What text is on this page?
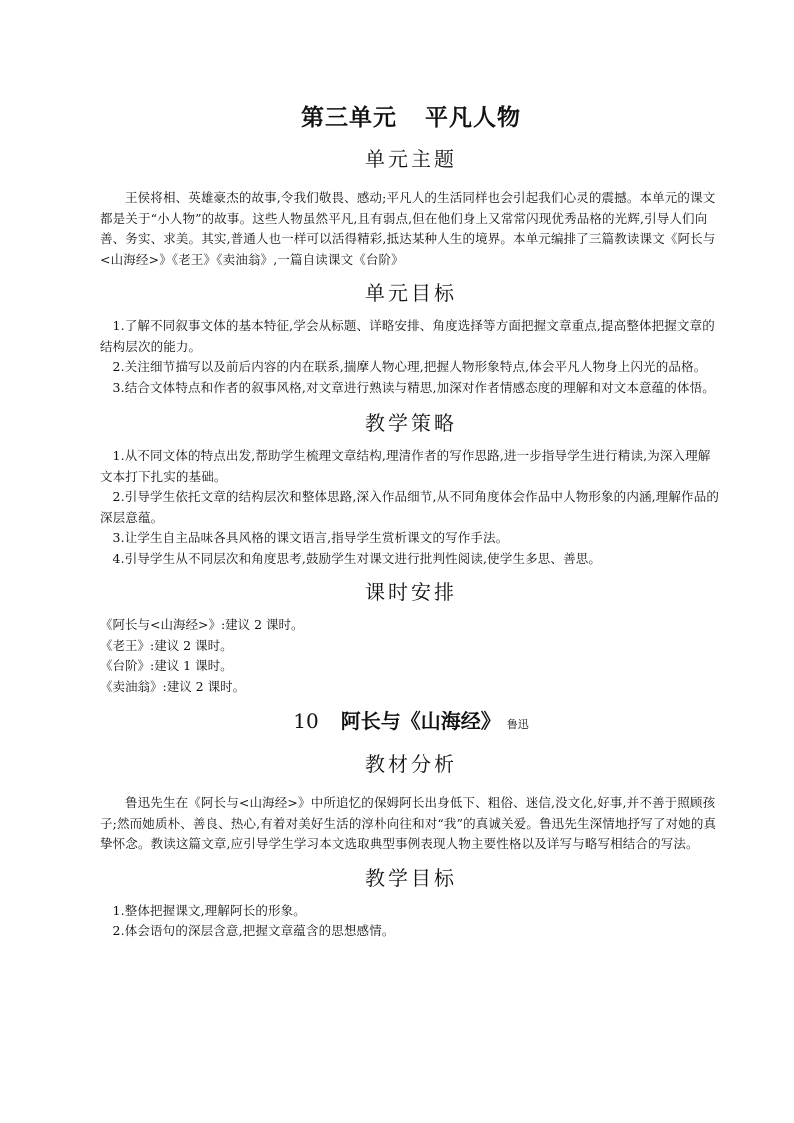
第三单元 平凡人物
单元主题

王侯将相、英雄豪杰的故事,令我们敬畏、感动;平凡人的生活同样也会引起我们心灵的震撼。本单元的课文都是关于“小人物”的故事。这些人物虽然平凡,且有弱点,但在他们身上又常常闪现优秀品格的光辉,引导人们向善、务实、求美。其实,普通人也一样可以活得精彩,抵达某种人生的境界。本单元编排了三篇教读课文《阿长与<山海经>》《老王》《卖油翁》,一篇自读课文《台阶》

单元目标

1.了解不同叙事文体的基本特征,学会从标题、详略安排、角度选择等方面把握文章重点,提高整体把握文章的结构层次的能力。

2.关注细节描写以及前后内容的内在联系,揣摩人物心理,把握人物形象特点,体会平凡人物身上闪光的品格。

3.结合文体特点和作者的叙事风格,对文章进行熟读与精思,加深对作者情感态度的理解和对文本意蕴的体悟。

教学策略

1.从不同文体的特点出发,帮助学生梳理文章结构,理清作者的写作思路,进一步指导学生进行精读,为深入理解文本打下扎实的基础。

2.引导学生依托文章的结构层次和整体思路,深入作品细节,从不同角度体会作品中人物形象的内涵,理解作品的深层意蕴。

3.让学生自主品味各具风格的课文语言,指导学生赏析课文的写作手法。

4.引导学生从不同层次和角度思考,鼓励学生对课文进行批判性阅读,使学生多思、善思。

课时安排

《阿长与<山海经>》:建议 2 课时。

《老王》:建议 2 课时。

《台阶》:建议 1 课时。

《卖油翁》:建议 2 课时。

10 阿长与《山海经》 鲁迅
教材分析

鲁迅先生在《阿长与<山海经>》中所追忆的保姆阿长出身低下、粗俗、迷信,没文化,好事,并不善于照顾孩子;然而她质朴、善良、热心,有着对美好生活的淳朴向往和对“我”的真诚关爱。鲁迅先生深情地抒写了对她的真挚怀念。教读这篇文章,应引导学生学习本文选取典型事例表现人物主要性格以及详写与略写相结合的写法。

教学目标

1.整体把握课文,理解阿长的形象。

2.体会语句的深层含意,把握文章蕴含的思想感情。
